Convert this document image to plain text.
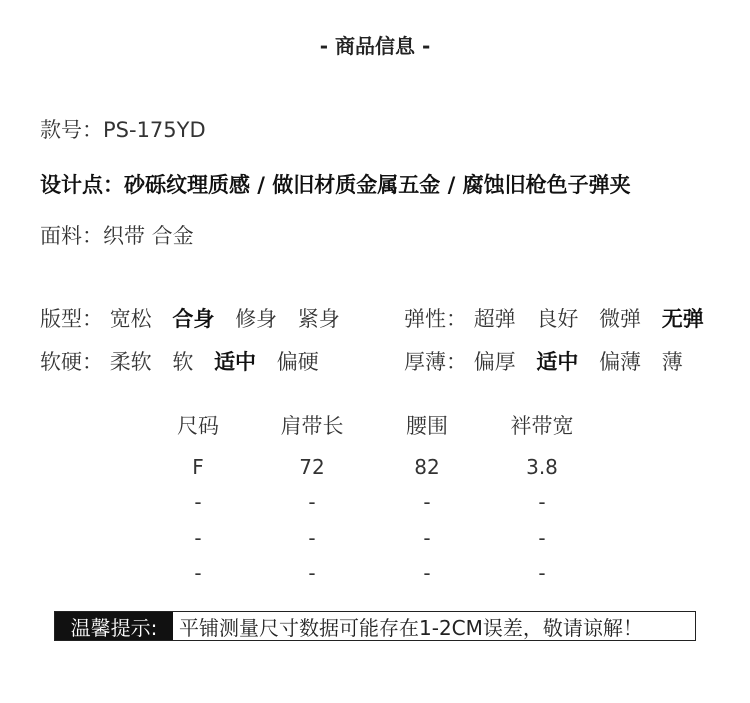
- 商品信息 -
款号：PS-175YD
设计点：砂砾纹理质感 / 做旧材质金属五金 / 腐蚀旧枪色子弹夹
面料：织带 合金
版型： 宽松 合身 修身 紧身	弹性： 超弹 良好 微弹 无弹
软硬： 柔软 软 适中 偏硬	厚薄： 偏厚 适中 偏薄 薄
尺码	肩带长	腰围	袢带宽
F	72	82	3.8
-	-	-	-
-	-	-	-
-	-	-	-
温馨提示:	平铺测量尺寸数据可能存在1-2CM误差，敬请谅解！
